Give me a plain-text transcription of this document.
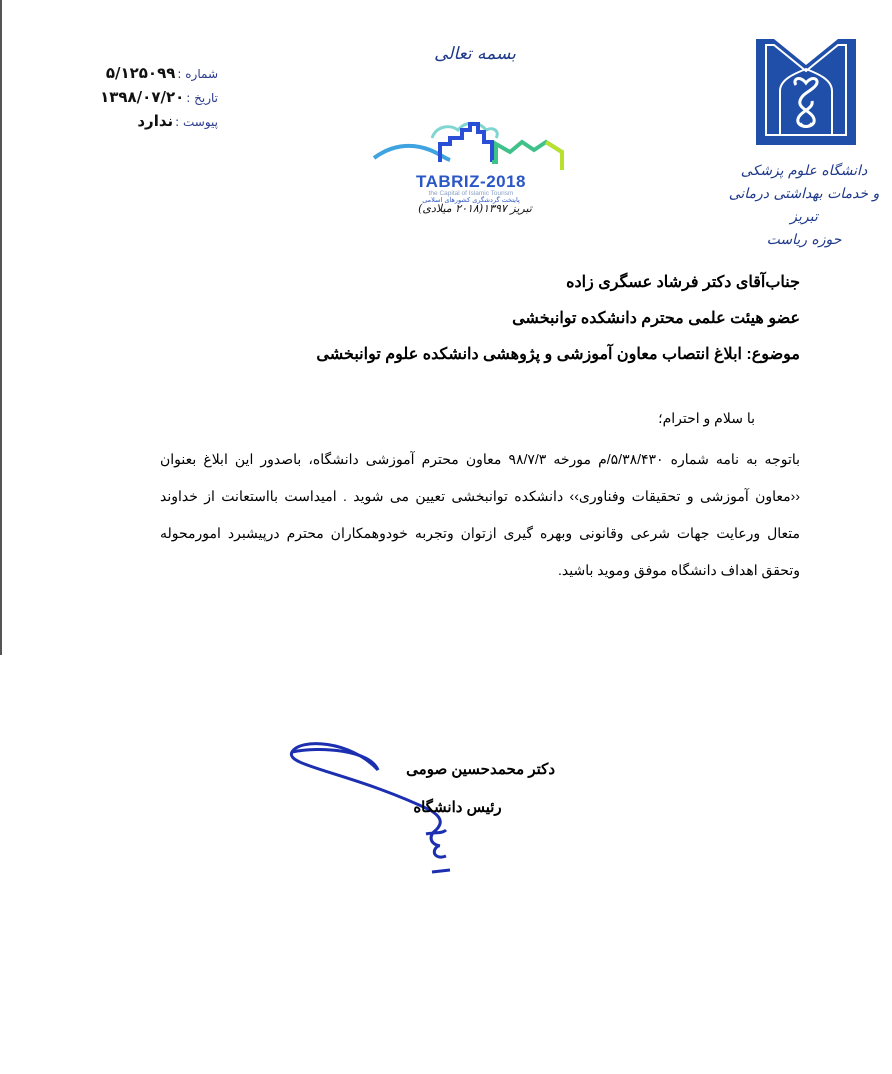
شماره :
۵/۱۲۵۰۹۹
تاریخ :
۱۳۹۸/۰۷/۲۰
پیوست :
ندارد
بسمه تعالی
TABRIZ-2018
the Capital of Islamic Tourism
پایتخت گردشگری کشورهای اسلامی
تبریز ۱۳۹۷(۲۰۱۸ میلادی)
دانشگاه علوم پزشکی
و خدمات بهداشتی درمانی تبریز
حوزه ریاست
جناب‌آقای دکتر فرشاد عسگری زاده
عضو هیئت علمی محترم دانشکده توانبخشی
موضوع: ابلاغ انتصاب معاون آموزشی و پژوهشی دانشکده علوم توانبخشی
با سلام و احترام؛
باتوجه به نامه شماره ۵/۳۸/۴۳۰/م مورخه ۹۸/۷/۳ معاون محترم آموزشی دانشگاه، باصدور این ابلاغ بعنوان ‹‹معاون آموزشی و تحقیقات وفناوری›› دانشکده توانبخشی تعیین می شوید . امیداست بااستعانت از خداوند متعال ورعایت جهات شرعی وقانونی وبهره گیری ازتوان وتجربه خودوهمکاران محترم درپیشبرد امورمحوله وتحقق اهداف دانشگاه موفق وموید باشید.
دکتر محمدحسین صومی
رئیس دانشگاه
